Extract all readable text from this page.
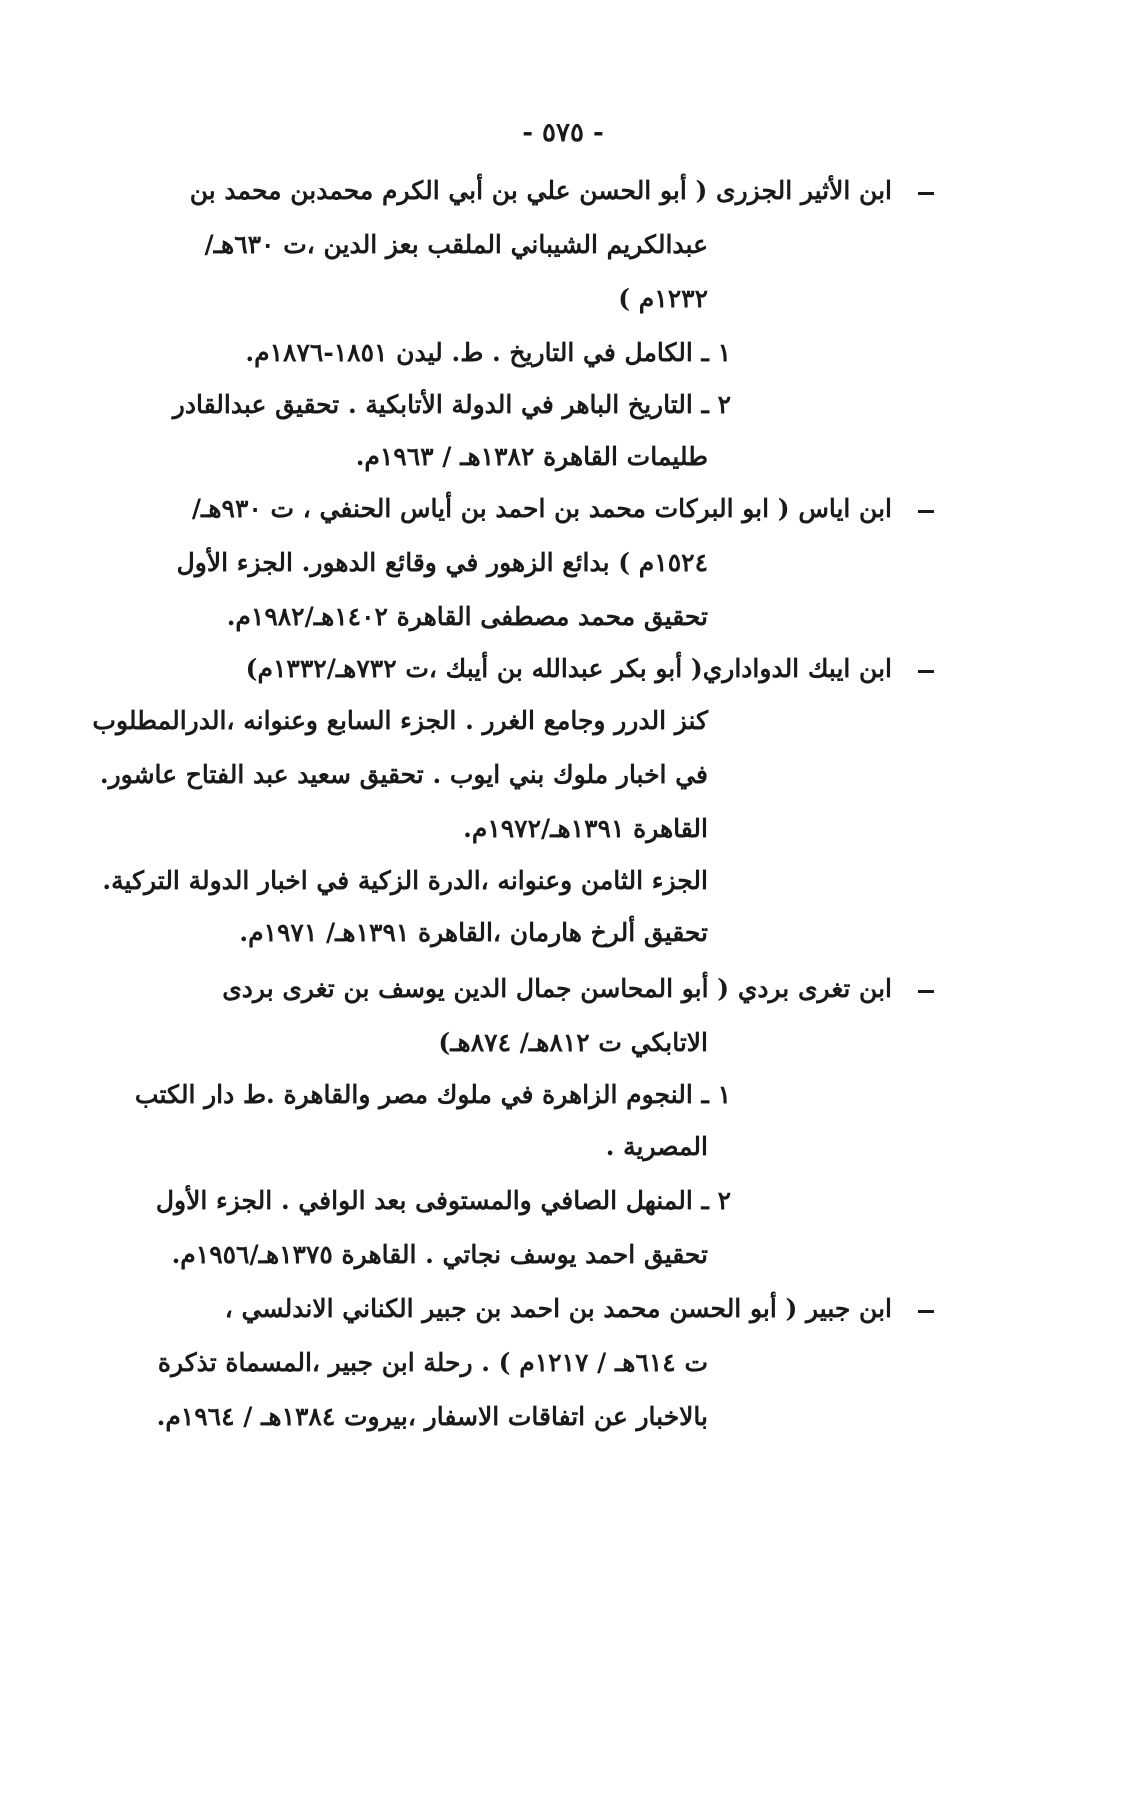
- ٥٧٥ -
ابن الأثير الجزرى ( أبو الحسن علي بن أبي الكرم محمدبن محمد بن
عبدالكريم الشيباني الملقب بعز الدين ،ت ٦٣٠هـ/
١٢٣٢م )
١ ـ الكامل في التاريخ . ط. ليدن ١٨٥١-١٨٧٦م.
٢ ـ التاريخ الباهر في الدولة الأتابكية . تحقيق عبدالقادر
طليمات القاهرة ١٣٨٢هـ / ١٩٦٣م.
ابن اياس ( ابو البركات محمد بن احمد بن أياس الحنفي ، ت ٩٣٠هـ/
١٥٢٤م ) بدائع الزهور في وقائع الدهور. الجزء الأول
تحقيق محمد مصطفى القاهرة ١٤٠٢هـ/١٩٨٢م.
ابن ايبك الدواداري( أبو بكر عبدالله بن أيبك ،ت ٧٣٢هـ/١٣٣٢م)
كنز الدرر وجامع الغرر . الجزء السابع وعنوانه ،الدرالمطلوب
في اخبار ملوك بني ايوب . تحقيق سعيد عبد الفتاح عاشور.
القاهرة ١٣٩١هـ/١٩٧٢م.
الجزء الثامن وعنوانه ،الدرة الزكية في اخبار الدولة التركية.
تحقيق ألرخ هارمان ،القاهرة ١٣٩١هـ/ ١٩٧١م.
ابن تغرى بردي ( أبو المحاسن جمال الدين يوسف بن تغرى بردى
الاتابكي ت ٨١٢هـ/ ٨٧٤هـ)
١ ـ النجوم الزاهرة في ملوك مصر والقاهرة .ط دار الكتب
المصرية .
٢ ـ المنهل الصافي والمستوفى بعد الوافي . الجزء الأول
تحقيق احمد يوسف نجاتي . القاهرة ١٣٧٥هـ/١٩٥٦م.
ابن جبير ( أبو الحسن محمد بن احمد بن جبير الكناني الاندلسي ،
ت ٦١٤هـ / ١٢١٧م ) . رحلة ابن جبير ،المسماة تذكرة
بالاخبار عن اتفاقات الاسفار ،بيروت ١٣٨٤هـ / ١٩٦٤م.
